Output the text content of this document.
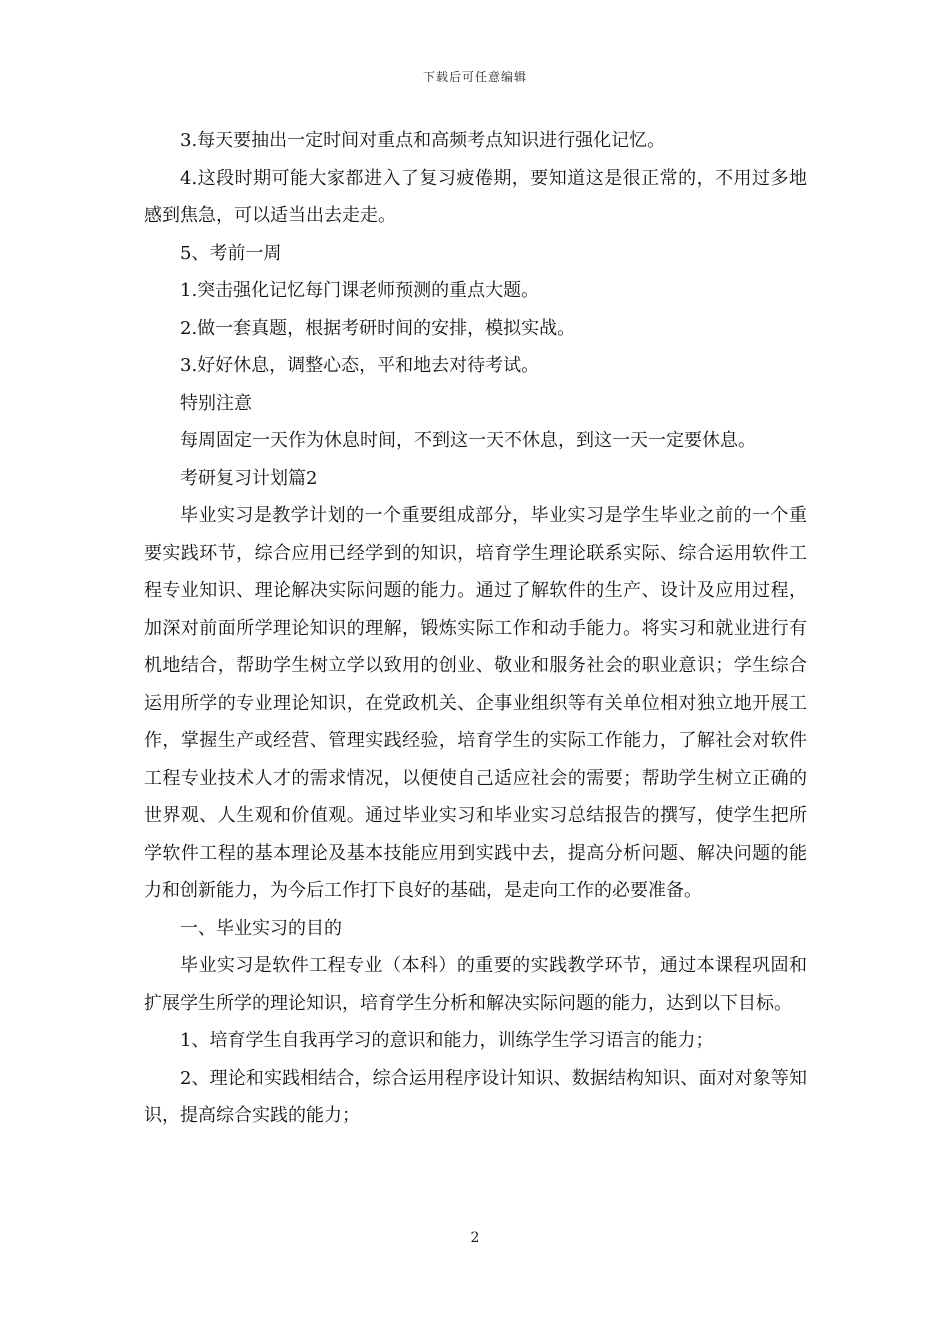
下载后可任意编辑

3.每天要抽出一定时间对重点和高频考点知识进行强化记忆。

4.这段时期可能大家都进入了复习疲倦期，要知道这是很正常的，不用过多地感到焦急，可以适当出去走走。

5、考前一周

1.突击强化记忆每门课老师预测的重点大题。

2.做一套真题，根据考研时间的安排，模拟实战。

3.好好休息，调整心态，平和地去对待考试。

特别注意

每周固定一天作为休息时间，不到这一天不休息，到这一天一定要休息。

考研复习计划篇2

毕业实习是教学计划的一个重要组成部分，毕业实习是学生毕业之前的一个重要实践环节，综合应用已经学到的知识，培育学生理论联系实际、综合运用软件工程专业知识、理论解决实际问题的能力。通过了解软件的生产、设计及应用过程，加深对前面所学理论知识的理解，锻炼实际工作和动手能力。将实习和就业进行有机地结合，帮助学生树立学以致用的创业、敬业和服务社会的职业意识；学生综合运用所学的专业理论知识，在党政机关、企事业组织等有关单位相对独立地开展工作，掌握生产或经营、管理实践经验，培育学生的实际工作能力，了解社会对软件工程专业技术人才的需求情况，以便使自己适应社会的需要；帮助学生树立正确的世界观、人生观和价值观。通过毕业实习和毕业实习总结报告的撰写，使学生把所学软件工程的基本理论及基本技能应用到实践中去，提高分析问题、解决问题的能力和创新能力，为今后工作打下良好的基础，是走向工作的必要准备。

一、毕业实习的目的

毕业实习是软件工程专业（本科）的重要的实践教学环节，通过本课程巩固和扩展学生所学的理论知识，培育学生分析和解决实际问题的能力，达到以下目标。

1、培育学生自我再学习的意识和能力，训练学生学习语言的能力；

2、理论和实践相结合，综合运用程序设计知识、数据结构知识、面对对象等知识，提高综合实践的能力；

2
